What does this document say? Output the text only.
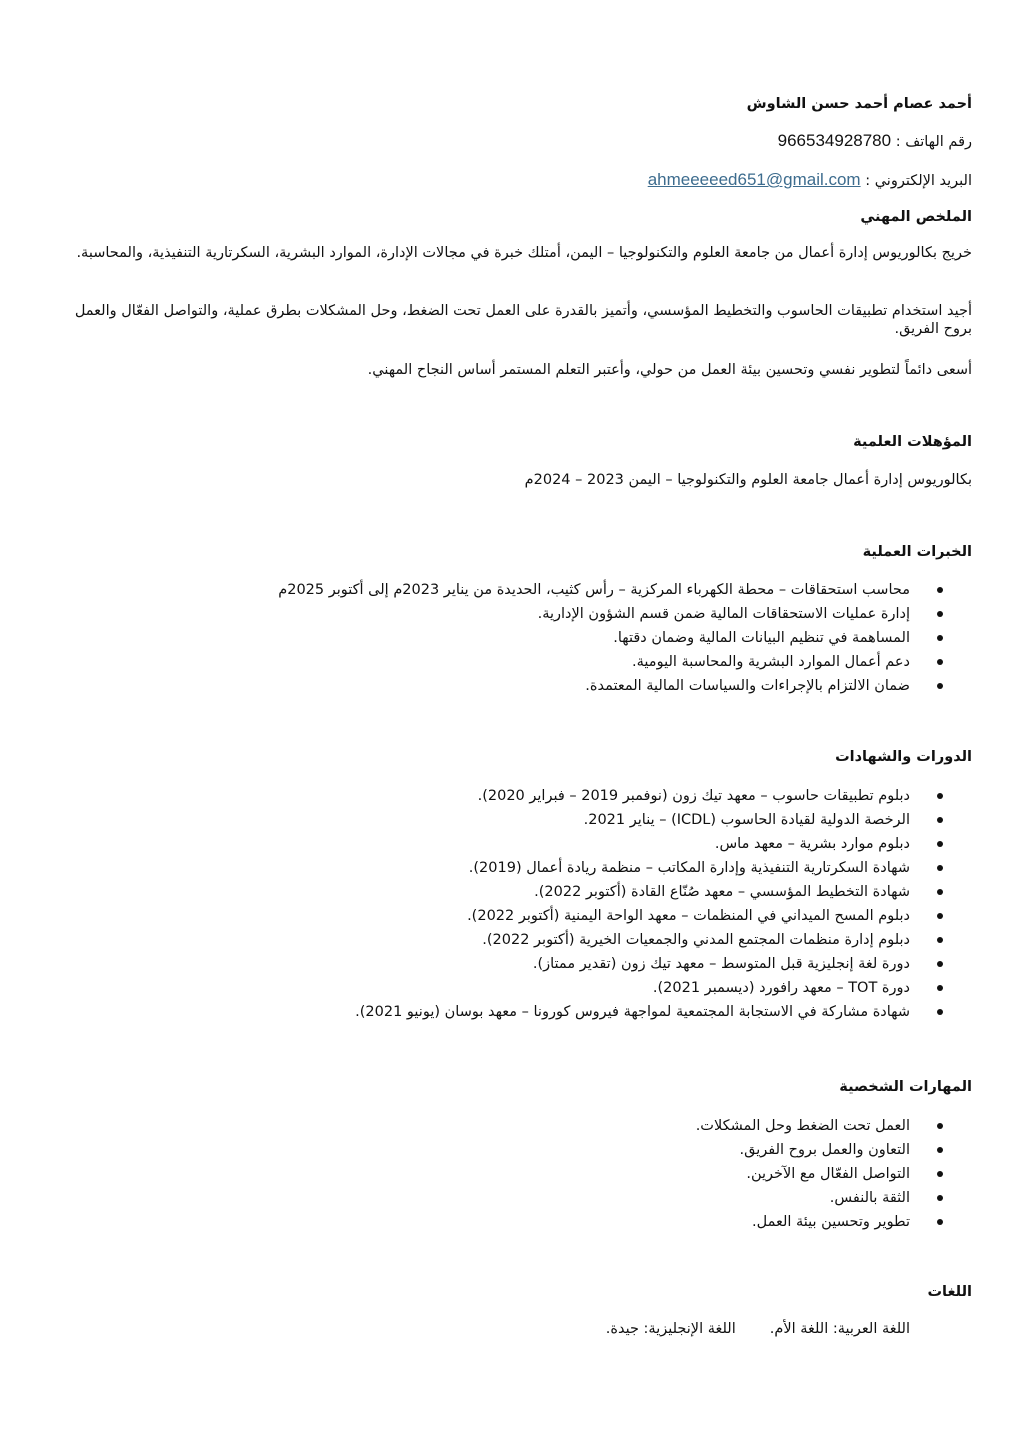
أحمد عصام أحمد حسن الشاوش
رقم الهاتف : 966534928780
البريد الإلكتروني : ahmeeeeed651@gmail.com
الملخص المهني
خريج بكالوريوس إدارة أعمال من جامعة العلوم والتكنولوجيا – اليمن، أمتلك خبرة في مجالات الإدارة، الموارد البشرية، السكرتارية التنفيذية، والمحاسبة.
أجيد استخدام تطبيقات الحاسوب والتخطيط المؤسسي، وأتميز بالقدرة على العمل تحت الضغط، وحل المشكلات بطرق عملية، والتواصل الفعّال والعمل بروح الفريق.
أسعى دائماً لتطوير نفسي وتحسين بيئة العمل من حولي، وأعتبر التعلم المستمر أساس النجاح المهني.
المؤهلات العلمية
بكالوريوس إدارة أعمال جامعة العلوم والتكنولوجيا – اليمن 2023 – 2024م
الخبرات العملية
محاسب استحقاقات – محطة الكهرباء المركزية – رأس كثيب، الحديدة من يناير 2023م إلى أكتوبر 2025م
إدارة عمليات الاستحقاقات المالية ضمن قسم الشؤون الإدارية.
المساهمة في تنظيم البيانات المالية وضمان دقتها.
دعم أعمال الموارد البشرية والمحاسبة اليومية.
ضمان الالتزام بالإجراءات والسياسات المالية المعتمدة.
الدورات والشهادات
دبلوم تطبيقات حاسوب – معهد تيك زون (نوفمبر 2019 – فبراير 2020).
الرخصة الدولية لقيادة الحاسوب (ICDL) – يناير 2021.
دبلوم موارد بشرية – معهد ماس.
شهادة السكرتارية التنفيذية وإدارة المكاتب – منظمة ريادة أعمال (2019).
شهادة التخطيط المؤسسي – معهد صُنّاع القادة (أكتوبر 2022).
دبلوم المسح الميداني في المنظمات – معهد الواحة اليمنية (أكتوبر 2022).
دبلوم إدارة منظمات المجتمع المدني والجمعيات الخيرية (أكتوبر 2022).
دورة لغة إنجليزية قبل المتوسط – معهد تيك زون (تقدير ممتاز).
دورة TOT – معهد رافورد (ديسمبر 2021).
شهادة مشاركة في الاستجابة المجتمعية لمواجهة فيروس كورونا – معهد بوسان (يونيو 2021).
المهارات الشخصية
العمل تحت الضغط وحل المشكلات.
التعاون والعمل بروح الفريق.
التواصل الفعّال مع الآخرين.
الثقة بالنفس.
تطوير وتحسين بيئة العمل.
اللغات
اللغة العربية: اللغة الأم.اللغة الإنجليزية: جيدة.
